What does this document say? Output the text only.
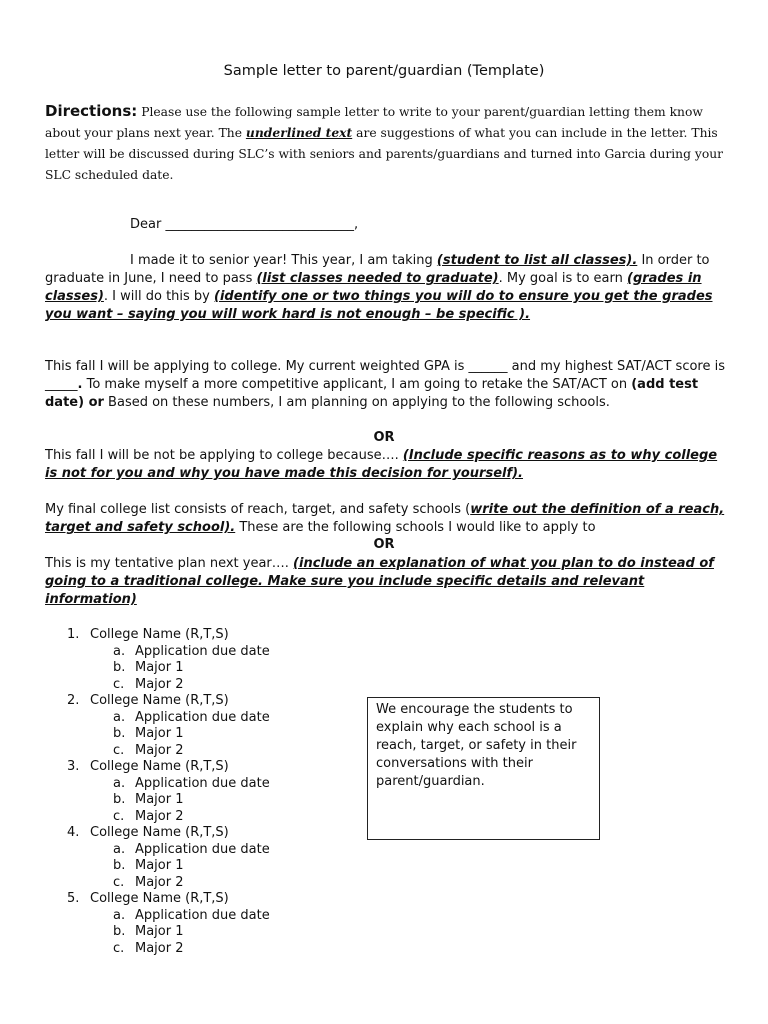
Sample letter to parent/guardian (Template)
Directions: Please use the following sample letter to write to your parent/guardian letting them know about your plans next year. The underlined text are suggestions of what you can include in the letter. This letter will be discussed during SLC’s with seniors and parents/guardians and turned into Garcia during your SLC scheduled date.
Dear _____________________________,
I made it to senior year! This year, I am taking (student to list all classes). In order to graduate in June, I need to pass (list classes needed to graduate). My goal is to earn (grades in classes). I will do this by (identify one or two things you will do to ensure you get the grades you want – saying you will work hard is not enough – be specific ).
This fall I will be applying to college. My current weighted GPA is ______ and my highest SAT/ACT score is _____. To make myself a more competitive applicant, I am going to retake the SAT/ACT on (add test date) or Based on these numbers, I am planning on applying to the following schools.
OR
This fall I will be not be applying to college because…. (Include specific reasons as to why college is not for you and why you have made this decision for yourself).
My final college list consists of reach, target, and safety schools (write out the definition of a reach, target and safety school). These are the following schools I would like to apply to
OR
This is my tentative plan next year…. (include an explanation of what you plan to do instead of going to a traditional college. Make sure you include specific details and relevant information)
1. College Name (R,T,S)
a. Application due date
b. Major 1
c. Major 2
2. College Name (R,T,S)
a. Application due date
b. Major 1
c. Major 2
3. College Name (R,T,S)
a. Application due date
b. Major 1
c. Major 2
4. College Name (R,T,S)
a. Application due date
b. Major 1
c. Major 2
5. College Name (R,T,S)
a. Application due date
b. Major 1
c. Major 2
We encourage the students to explain why each school is a reach, target, or safety in their conversations with their parent/guardian.
